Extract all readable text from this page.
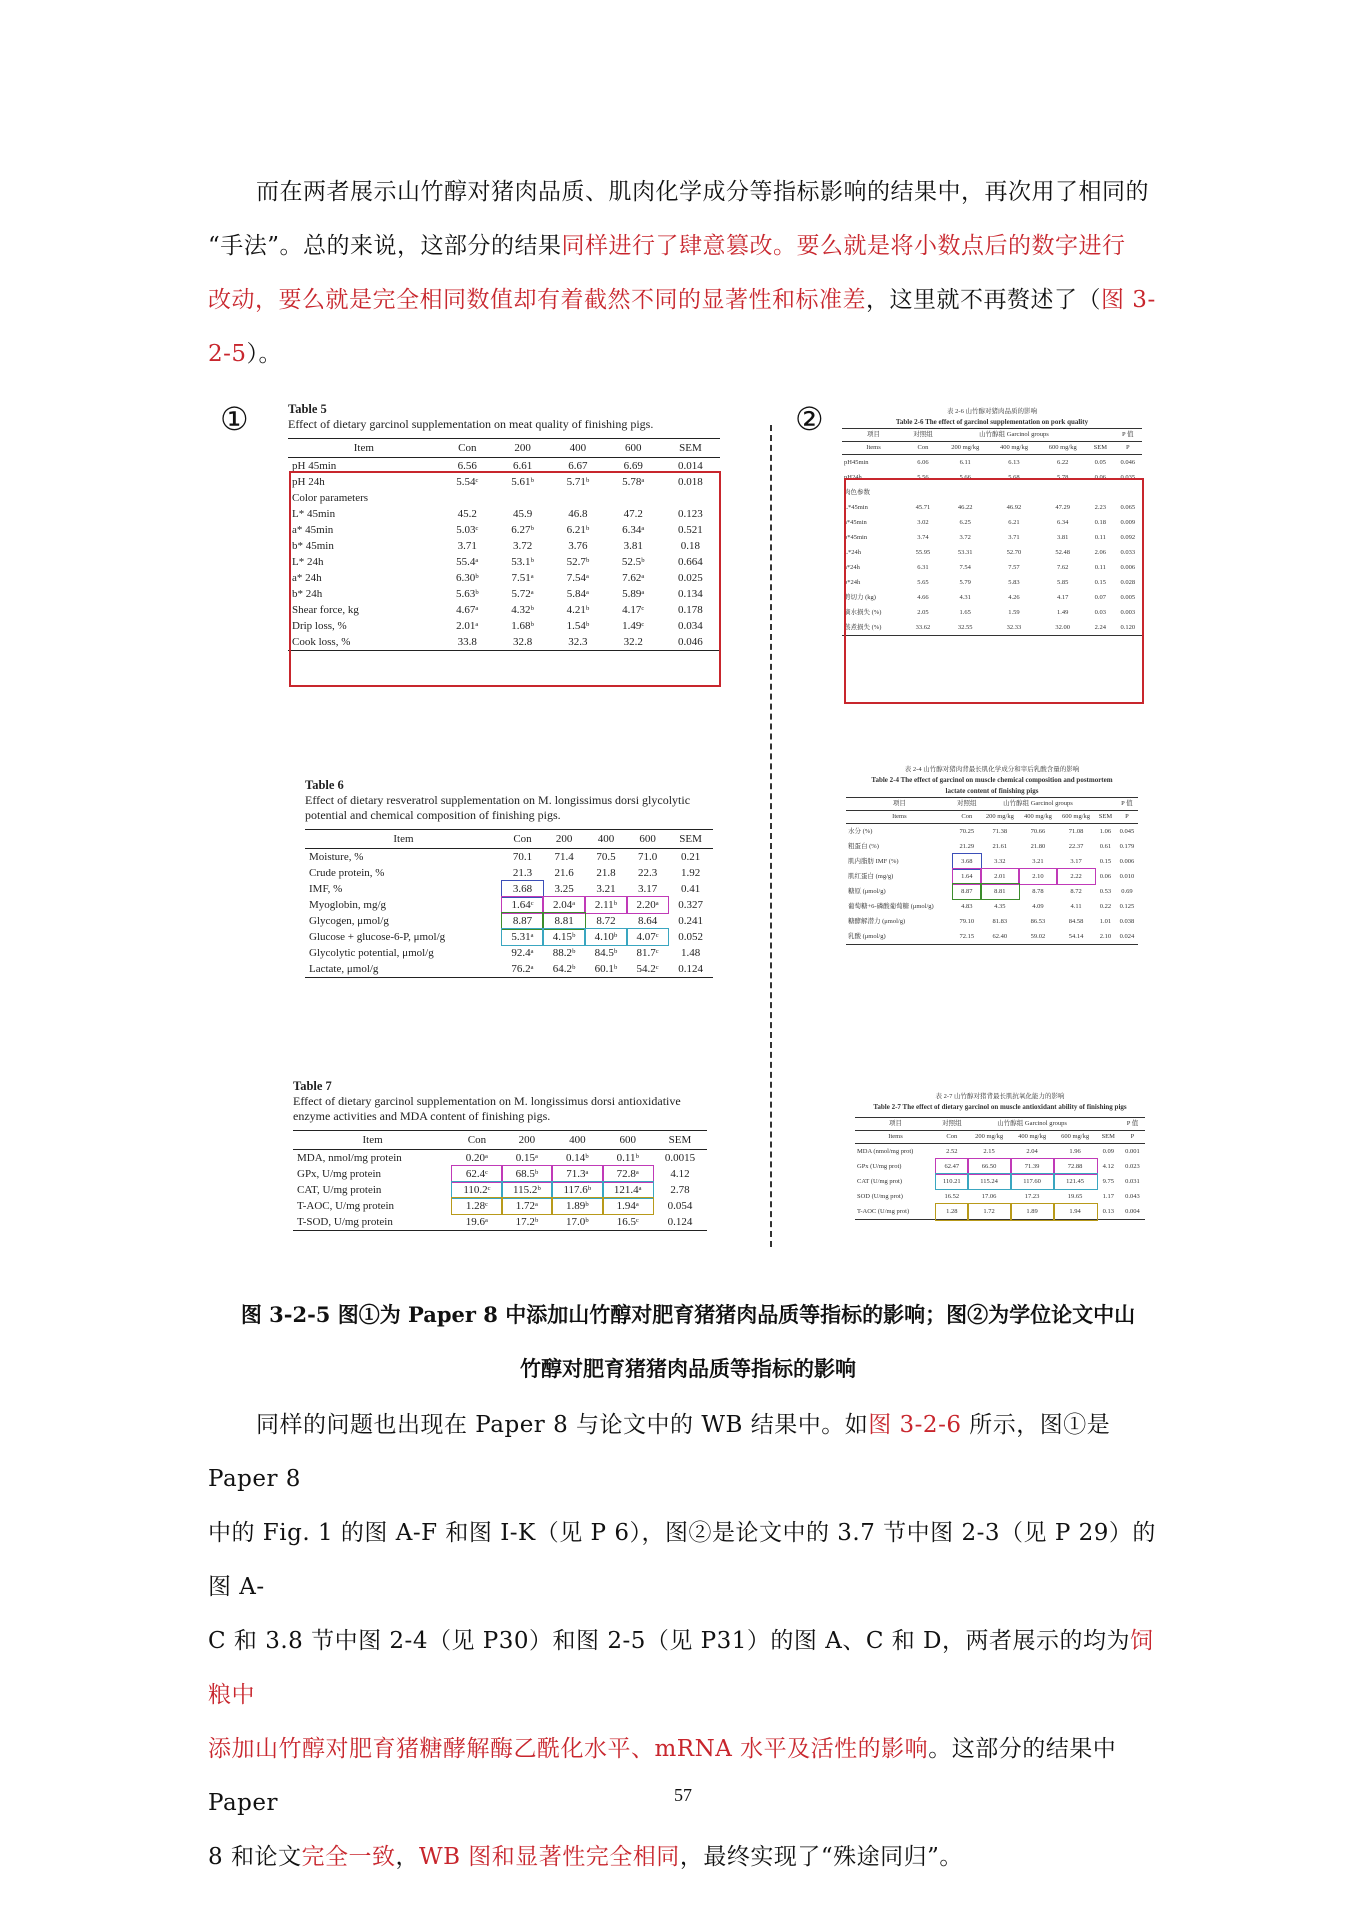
而在两者展示山竹醇对猪肉品质、肌肉化学成分等指标影响的结果中，再次用了相同的
“手法”。总的来说，这部分的结果同样进行了肆意篡改。要么就是将小数点后的数字进行
改动，要么就是完全相同数值却有着截然不同的显著性和标准差，这里就不再赘述了（图 3-
2-5）。
①	②
Table 5
Effect of dietary garcinol supplementation on meat quality of finishing pigs.
Item	Con	200	400	600	SEM
pH 45min	6.56	6.61	6.67	6.69	0.014
pH 24h	5.54ᶜ	5.61ᵇ	5.71ᵇ	5.78ᵃ	0.018
Color parameters					
L* 45min	45.2	45.9	46.8	47.2	0.123
a* 45min	5.03ᶜ	6.27ᵇ	6.21ᵇ	6.34ᵃ	0.521
b* 45min	3.71	3.72	3.76	3.81	0.18
L* 24h	55.4ᵃ	53.1ᵇ	52.7ᵇ	52.5ᵇ	0.664
a* 24h	6.30ᵇ	7.51ᵃ	7.54ᵃ	7.62ᵃ	0.025
b* 24h	5.63ᵇ	5.72ᵃ	5.84ᵃ	5.89ᵃ	0.134
Shear force, kg	4.67ᵃ	4.32ᵇ	4.21ᵇ	4.17ᶜ	0.178
Drip loss, %	2.01ᵃ	1.68ᵇ	1.54ᵇ	1.49ᶜ	0.034
Cook loss, %	33.8	32.8	32.3	32.2	0.046
Table 6
Effect of dietary resveratrol supplementation on M. longissimus dorsi glycolytic potential and chemical composition of finishing pigs.
Item	Con	200	400	600	SEM
Moisture, %	70.1	71.4	70.5	71.0	0.21
Crude protein, %	21.3	21.6	21.8	22.3	1.92
IMF, %	3.68	3.25	3.21	3.17	0.41
Myoglobin, mg/g	1.64ᶜ	2.04ᵃ	2.11ᵇ	2.20ᵃ	0.327
Glycogen, μmol/g	8.87	8.81	8.72	8.64	0.241
Glucose + glucose-6-P, μmol/g	5.31ᵃ	4.15ᵇ	4.10ᵇ	4.07ᶜ	0.052
Glycolytic potential, μmol/g	92.4ᵃ	88.2ᵇ	84.5ᵇ	81.7ᶜ	1.48
Lactate, μmol/g	76.2ᵃ	64.2ᵇ	60.1ᵇ	54.2ᶜ	0.124
Table 7
Effect of dietary garcinol supplementation on M. longissimus dorsi antioxidative enzyme activities and MDA content of finishing pigs.
Item	Con	200	400	600	SEM
MDA, nmol/mg protein	0.20ᵃ	0.15ᵃ	0.14ᵇ	0.11ᵇ	0.0015
GPx, U/mg protein	62.4ᶜ	68.5ᵇ	71.3ᵃ	72.8ᵃ	4.12
CAT, U/mg protein	110.2ᶜ	115.2ᵇ	117.6ᵇ	121.4ᵃ	2.78
T-AOC, U/mg protein	1.28ᶜ	1.72ᵃ	1.89ᵇ	1.94ᵃ	0.054
T-SOD, U/mg protein	19.6ᵃ	17.2ᵇ	17.0ᵇ	16.5ᶜ	0.124
表 2-6 山竹醇对猪肉品质的影响
Table 2-6 The effect of garcinol supplementation on pork quality
项目	对照组	山竹醇组 Garcinol groups				P 值
Items	Con	200 mg/kg	400 mg/kg	600 mg/kg	SEM	P
pH45min	6.06	6.11	6.13	6.22	0.05	0.046
pH24h	5.56	5.66	5.68	5.78	0.06	0.035
肉色参数						
L*45min	45.71	46.22	46.92	47.29	2.23	0.065
a*45min	3.02	6.25	6.21	6.34	0.18	0.009
b*45min	3.74	3.72	3.71	3.81	0.11	0.092
L*24h	55.95	53.31	52.70	52.48	2.06	0.033
a*24h	6.31	7.54	7.57	7.62	0.11	0.006
b*24h	5.65	5.79	5.83	5.85	0.15	0.028
剪切力 (kg)	4.66	4.31	4.26	4.17	0.07	0.005
滴水损失 (%)	2.05	1.65	1.59	1.49	0.03	0.003
蒸煮损失 (%)	33.62	32.55	32.33	32.00	2.24	0.120
表 2-4 山竹醇对猪肉背最长肌化学成分和宰后乳酸含量的影响
Table 2-4 The effect of garcinol on muscle chemical composition and postmortem
lactate content of finishing pigs
项目	对照组	山竹醇组 Garcinol groups				P 值
Items	Con	200 mg/kg	400 mg/kg	600 mg/kg	SEM	P
水分 (%)	70.25	71.38	70.66	71.08	1.06	0.045
粗蛋白 (%)	21.29	21.61	21.80	22.37	0.61	0.179
肌内脂肪 IMF (%)	3.68	3.32	3.21	3.17	0.15	0.006
肌红蛋白 (mg/g)	1.64	2.01	2.10	2.22	0.06	0.010
糖原 (μmol/g)	8.87	8.81	8.78	8.72	0.53	0.69
葡萄糖+6-磷酸葡萄糖 (μmol/g)	4.83	4.35	4.09	4.11	0.22	0.125
糖酵解潜力 (μmol/g)	79.10	81.83	86.53	84.58	1.01	0.038
乳酸 (μmol/g)	72.15	62.40	59.02	54.14	2.10	0.024
表 2-7 山竹醇对猪背最长肌抗氧化能力的影响
Table 2-7 The effect of dietary garcinol on muscle antioxidant ability of finishing pigs
项目	对照组	山竹醇组 Garcinol groups				P 值
Items	Con	200 mg/kg	400 mg/kg	600 mg/kg	SEM	P
MDA (nmol/mg prot)	2.52	2.15	2.04	1.96	0.09	0.001
GPx (U/mg prot)	62.47	66.50	71.39	72.88	4.12	0.023
CAT (U/mg prot)	110.21	115.24	117.60	121.45	9.75	0.031
SOD (U/mg prot)	16.52	17.06	17.23	19.65	1.17	0.043
T-AOC (U/mg prot)	1.28	1.72	1.89	1.94	0.13	0.004
图 3-2-5 图①为 Paper 8 中添加山竹醇对肥育猪猪肉品质等指标的影响；图②为学位论文中山
竹醇对肥育猪猪肉品质等指标的影响
同样的问题也出现在 Paper 8 与论文中的 WB 结果中。如图 3-2-6 所示，图①是 Paper 8
中的 Fig. 1 的图 A-F 和图 I-K（见 P 6），图②是论文中的 3.7 节中图 2-3（见 P 29）的图 A-
C 和 3.8 节中图 2-4（见 P30）和图 2-5（见 P31）的图 A、C 和 D，两者展示的均为饲粮中
添加山竹醇对肥育猪糖酵解酶乙酰化水平、mRNA 水平及活性的影响。这部分的结果中 Paper
8 和论文完全一致，WB 图和显著性完全相同，最终实现了“殊途同归”。
57
